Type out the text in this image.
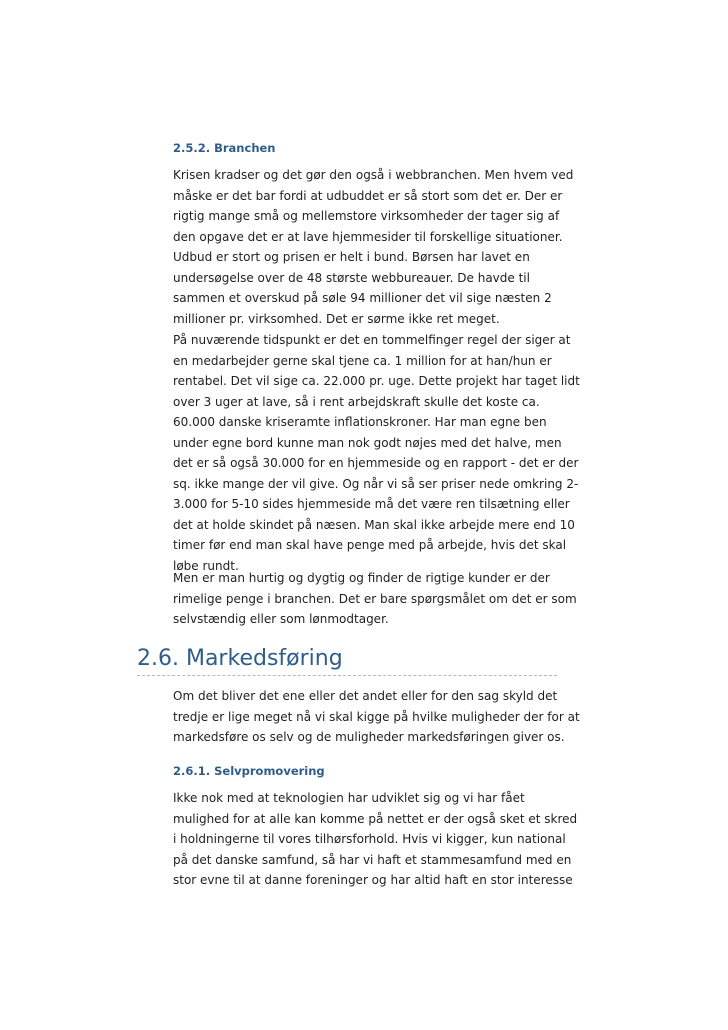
2.5.2. Branchen
Krisen kradser og det gør den også i webbranchen. Men hvem ved
måske er det bar fordi at udbuddet er så stort som det er. Der er
rigtig mange små og mellemstore virksomheder der tager sig af
den opgave det er at lave hjemmesider til forskellige situationer.
Udbud er stort og prisen er helt i bund. Børsen har lavet en
undersøgelse over de 48 største webbureauer. De havde til
sammen et overskud på søle 94 millioner det vil sige næsten 2
millioner pr. virksomhed. Det er sørme ikke ret meget.
På nuværende tidspunkt er det en tommelfinger regel der siger at
en medarbejder gerne skal tjene ca. 1 million for at han/hun er
rentabel. Det vil sige ca. 22.000 pr. uge. Dette projekt har taget lidt
over 3 uger at lave, så i rent arbejdskraft skulle det koste ca.
60.000 danske kriseramte inflationskroner. Har man egne ben
under egne bord kunne man nok godt nøjes med det halve, men
det er så også 30.000 for en hjemmeside og en rapport - det er der
sq. ikke mange der vil give. Og når vi så ser priser nede omkring 2-
3.000 for 5-10 sides hjemmeside må det være ren tilsætning eller
det at holde skindet på næsen. Man skal ikke arbejde mere end 10
timer før end man skal have penge med på arbejde, hvis det skal
løbe rundt.
Men er man hurtig og dygtig og finder de rigtige kunder er der
rimelige penge i branchen. Det er bare spørgsmålet om det er som
selvstændig eller som lønmodtager.
2.6. Markedsføring
Om det bliver det ene eller det andet eller for den sag skyld det
tredje er lige meget nå vi skal kigge på hvilke muligheder der for at
markedsføre os selv og de muligheder markedsføringen giver os.
2.6.1. Selvpromovering
Ikke nok med at teknologien har udviklet sig og vi har fået
mulighed for at alle kan komme på nettet er der også sket et skred
i holdningerne til vores tilhørsforhold. Hvis vi kigger, kun national
på det danske samfund, så har vi haft et stammesamfund med en
stor evne til at danne foreninger og har altid haft en stor interesse
